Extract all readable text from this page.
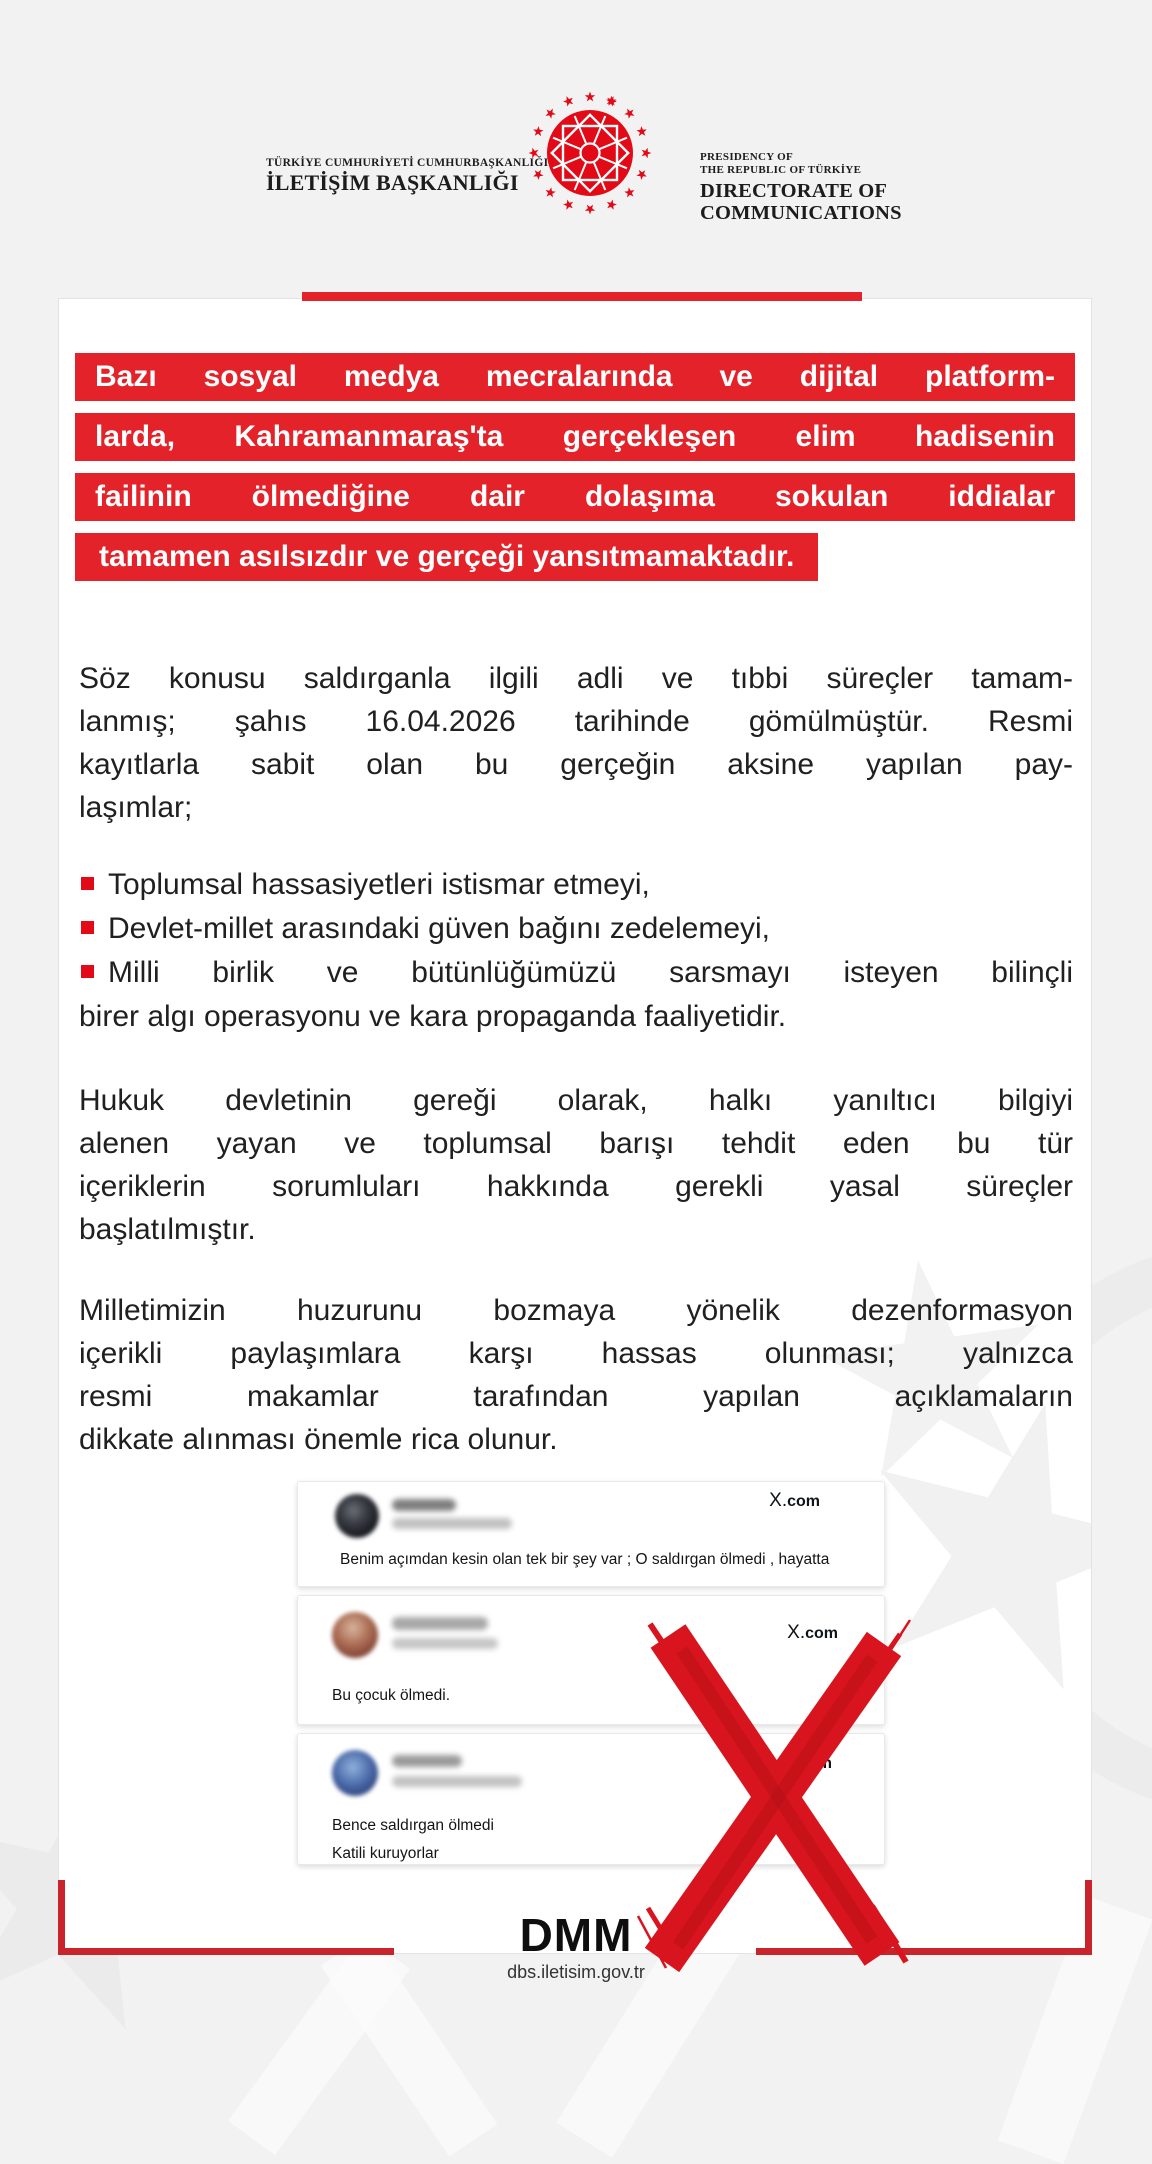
TÜRKİYE CUMHURİYETİ CUMHURBAŞKANLIĞI
İLETİŞİM BAŞKANLIĞI
PRESIDENCY OF
THE REPUBLIC OF TÜRKİYE
DIRECTORATE OF
COMMUNICATIONS
Bazı sosyal medya mecralarında ve dijital platform-
larda, Kahramanmaraş'ta gerçekleşen elim hadisenin
failinin ölmediğine dair dolaşıma sokulan iddialar
tamamen asılsızdır ve gerçeği yansıtmamaktadır.
Söz konusu saldırganla ilgili adli ve tıbbi süreçler tamam-
lanmış; şahıs 16.04.2026 tarihinde gömülmüştür. Resmi
kayıtlarla sabit olan bu gerçeğin aksine yapılan pay-
laşımlar;
Toplumsal hassasiyetleri istismar etmeyi,
Devlet-millet arasındaki güven bağını zedelemeyi,
Milli birlik ve bütünlüğümüzü sarsmayı isteyen bilinçli
birer algı operasyonu ve kara propaganda faaliyetidir.
Hukuk devletinin gereği olarak, halkı yanıltıcı bilgiyi
alenen yayan ve toplumsal barışı tehdit eden bu tür
içeriklerin sorumluları hakkında gerekli yasal süreçler
başlatılmıştır.
Milletimizin huzurunu bozmaya yönelik dezenformasyon
içerikli paylaşımlara karşı hassas olunması; yalnızca
resmi makamlar tarafından yapılan açıklamaların
dikkate alınması önemle rica olunur.
X.com
Benim açımdan kesin olan tek bir şey var ; O saldırgan ölmedi , hayatta
X.com
Bu çocuk ölmedi.
X.com
Bence saldırgan ölmedi
Katili kuruyorlar
DMM
dbs.iletisim.gov.tr
